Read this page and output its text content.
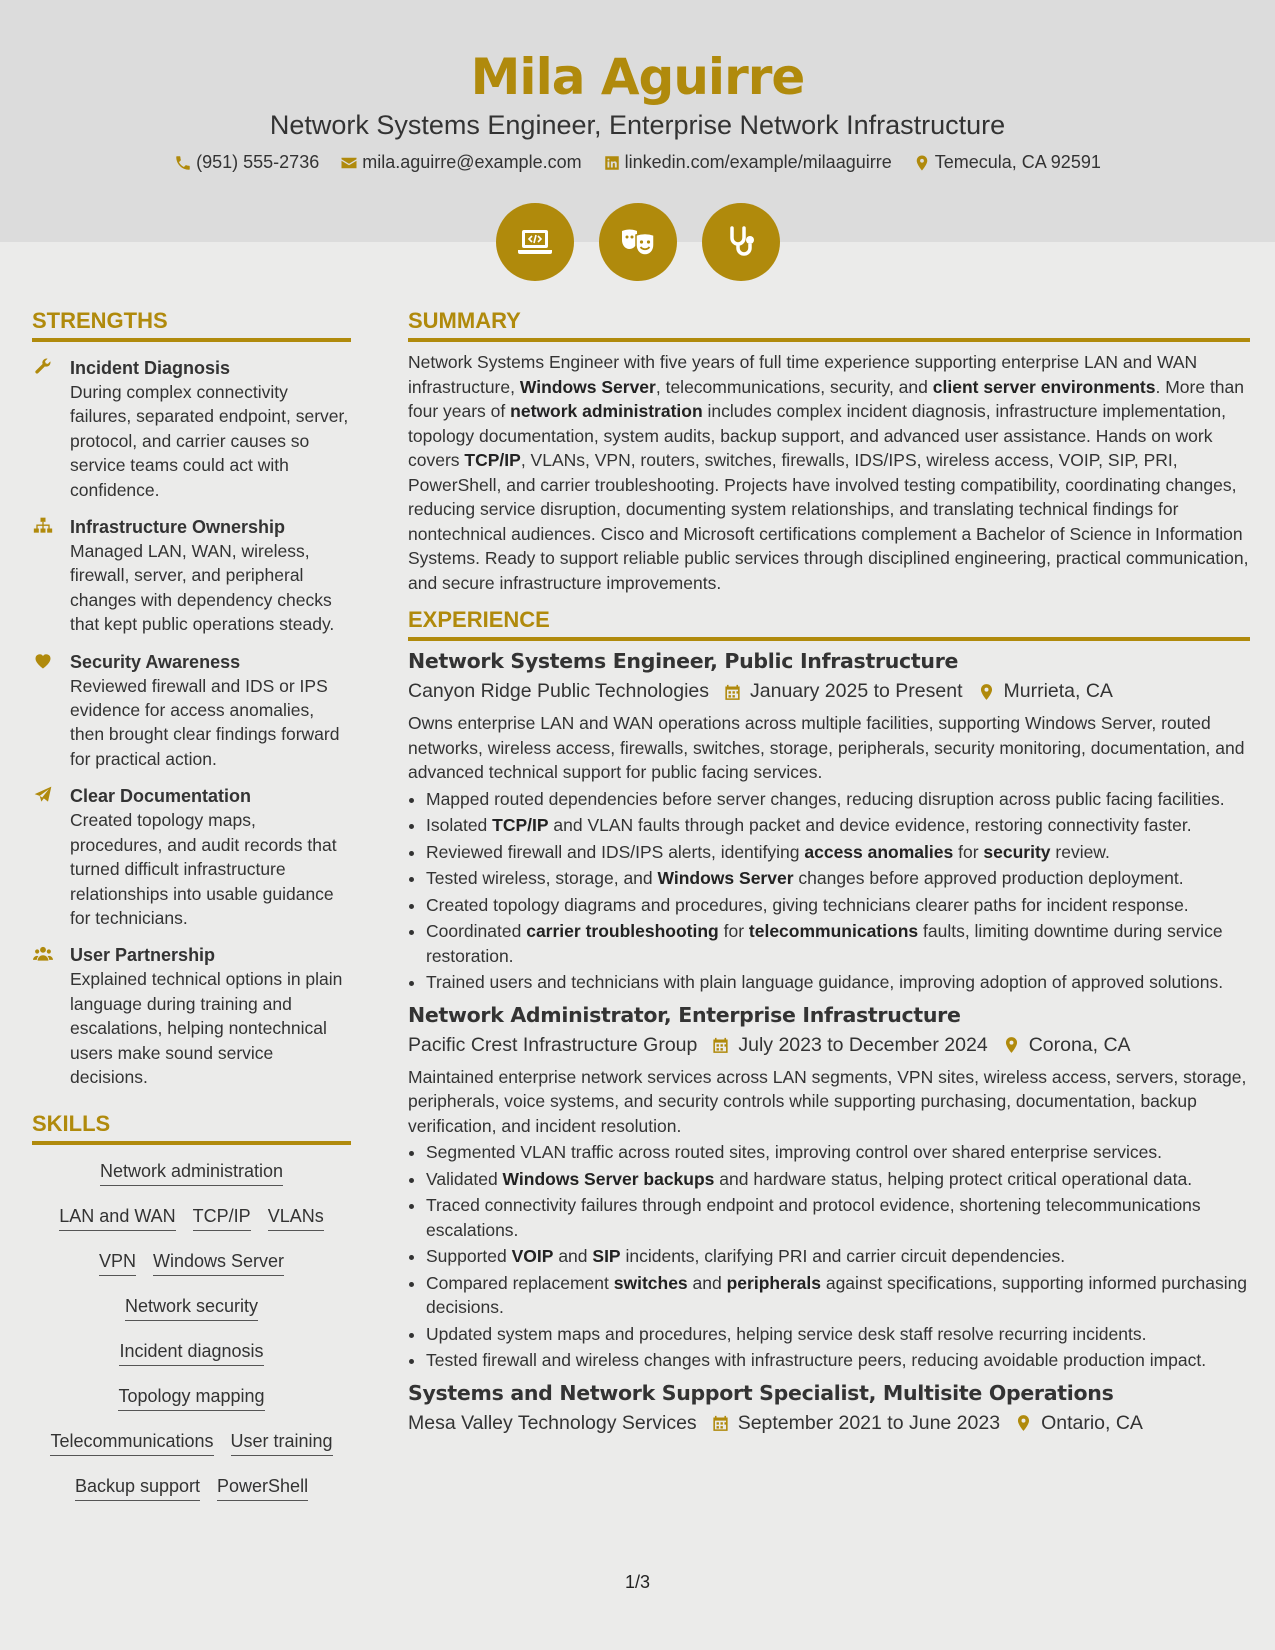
Mila Aguirre
Network Systems Engineer, Enterprise Network Infrastructure
(951) 555-2736
mila.aguirre@example.com
linkedin.com/example/milaaguirre
Temecula, CA 92591
STRENGTHS
Incident Diagnosis
During complex connectivity failures, separated endpoint, server, protocol, and carrier causes so service teams could act with confidence.
Infrastructure Ownership
Managed LAN, WAN, wireless, firewall, server, and peripheral changes with dependency checks that kept public operations steady.
Security Awareness
Reviewed firewall and IDS or IPS evidence for access anomalies, then brought clear findings forward for practical action.
Clear Documentation
Created topology maps, procedures, and audit records that turned difficult infrastructure relationships into usable guidance for technicians.
User Partnership
Explained technical options in plain language during training and escalations, helping nontechnical users make sound service decisions.
SKILLS
Network administration
LAN and WAN TCP/IP VLANs
VPN Windows Server
Network security
Incident diagnosis
Topology mapping
Telecommunications User training
Backup support PowerShell
SUMMARY

Network Systems Engineer with five years of full time experience supporting enterprise LAN and WAN infrastructure, Windows Server, telecommunications, security, and client server environments. More than four years of network administration includes complex incident diagnosis, infrastructure implementation, topology documentation, system audits, backup support, and advanced user assistance. Hands on work covers TCP/IP, VLANs, VPN, routers, switches, firewalls, IDS/IPS, wireless access, VOIP, SIP, PRI, PowerShell, and carrier troubleshooting. Projects have involved testing compatibility, coordinating changes, reducing service disruption, documenting system relationships, and translating technical findings for nontechnical audiences. Cisco and Microsoft certifications complement a Bachelor of Science in Information Systems. Ready to support reliable public services through disciplined engineering, practical communication, and secure infrastructure improvements.

EXPERIENCE
Network Systems Engineer, Public Infrastructure
Canyon Ridge Public Technologies January 2025 to Present Murrieta, CA

Owns enterprise LAN and WAN operations across multiple facilities, supporting Windows Server, routed networks, wireless access, firewalls, switches, storage, peripherals, security monitoring, documentation, and advanced technical support for public facing services.

• Mapped routed dependencies before server changes, reducing disruption across public facing facilities.
• Isolated TCP/IP and VLAN faults through packet and device evidence, restoring connectivity faster.
• Reviewed firewall and IDS/IPS alerts, identifying access anomalies for security review.
• Tested wireless, storage, and Windows Server changes before approved production deployment.
• Created topology diagrams and procedures, giving technicians clearer paths for incident response.
• Coordinated carrier troubleshooting for telecommunications faults, limiting downtime during service restoration.
• Trained users and technicians with plain language guidance, improving adoption of approved solutions.
Network Administrator, Enterprise Infrastructure
Pacific Crest Infrastructure Group July 2023 to December 2024 Corona, CA

Maintained enterprise network services across LAN segments, VPN sites, wireless access, servers, storage, peripherals, voice systems, and security controls while supporting purchasing, documentation, backup verification, and incident resolution.

• Segmented VLAN traffic across routed sites, improving control over shared enterprise services.
• Validated Windows Server backups and hardware status, helping protect critical operational data.
• Traced connectivity failures through endpoint and protocol evidence, shortening telecommunications escalations.
• Supported VOIP and SIP incidents, clarifying PRI and carrier circuit dependencies.
• Compared replacement switches and peripherals against specifications, supporting informed purchasing decisions.
• Updated system maps and procedures, helping service desk staff resolve recurring incidents.
• Tested firewall and wireless changes with infrastructure peers, reducing avoidable production impact.
Systems and Network Support Specialist, Multisite Operations
Mesa Valley Technology Services September 2021 to June 2023 Ontario, CA
1/3
